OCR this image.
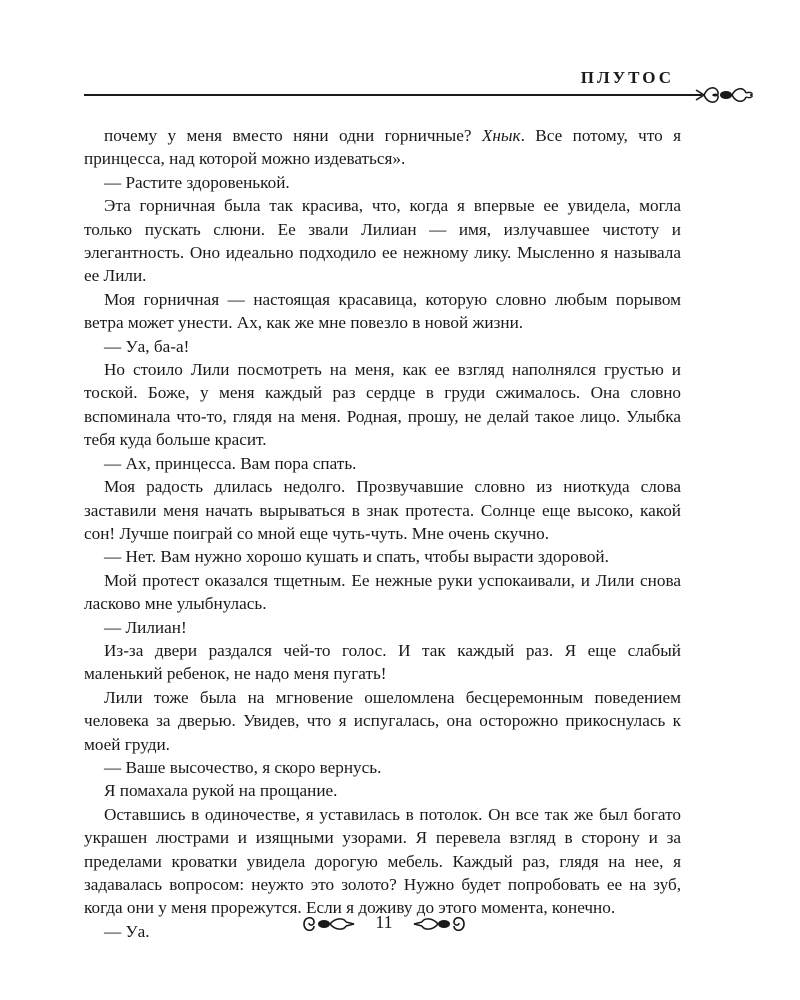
ПЛУТОС

почему у меня вместо няни одни горничные? Хнык. Все потому, что я принцесса, над которой можно издеваться».

— Растите здоровенькой.

Эта горничная была так красива, что, когда я впервые ее увидела, могла только пускать слюни. Ее звали Лилиан — имя, излучавшее чистоту и элегантность. Оно идеально подходило ее нежному лику. Мысленно я называла ее Лили.

Моя горничная — настоящая красавица, которую словно любым порывом ветра может унести. Ах, как же мне повезло в новой жизни.

— Уа, ба-а!

Но стоило Лили посмотреть на меня, как ее взгляд наполнялся грустью и тоской. Боже, у меня каждый раз сердце в груди сжималось. Она словно вспоминала что-то, глядя на меня. Родная, прошу, не делай такое лицо. Улыбка тебя куда больше красит.

— Ах, принцесса. Вам пора спать.

Моя радость длилась недолго. Прозвучавшие словно из ниоткуда слова заставили меня начать вырываться в знак протеста. Солнце еще высоко, какой сон! Лучше поиграй со мной еще чуть-чуть. Мне очень скучно.

— Нет. Вам нужно хорошо кушать и спать, чтобы вырасти здоровой.

Мой протест оказался тщетным. Ее нежные руки успокаивали, и Лили снова ласково мне улыбнулась.

— Лилиан!

Из-за двери раздался чей-то голос. И так каждый раз. Я еще слабый маленький ребенок, не надо меня пугать!

Лили тоже была на мгновение ошеломлена бесцеремонным поведением человека за дверью. Увидев, что я испугалась, она осторожно прикоснулась к моей груди.

— Ваше высочество, я скоро вернусь.

Я помахала рукой на прощание.

Оставшись в одиночестве, я уставилась в потолок. Он все так же был богато украшен люстрами и изящными узорами. Я перевела взгляд в сторону и за пределами кроватки увидела дорогую мебель. Каждый раз, глядя на нее, я задавалась вопросом: неужто это золото? Нужно будет попробовать ее на зуб, когда они у меня прорежутся. Если я доживу до этого момента, конечно.

— Уа.	11
